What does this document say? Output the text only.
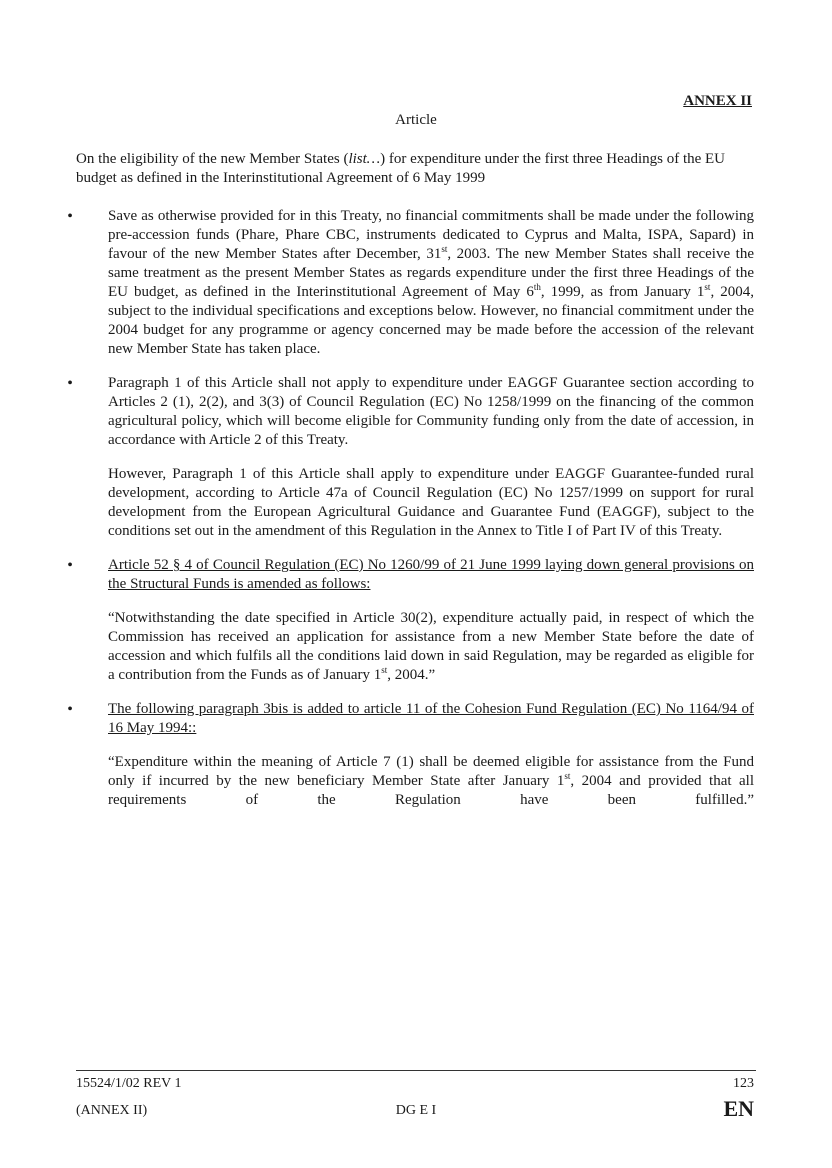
ANNEX II
Article
On the eligibility of the new Member States (list…) for expenditure under the first three Headings of the EU budget as defined in the Interinstitutional Agreement of 6 May 1999
•	Save as otherwise provided for in this Treaty, no financial commitments shall be made under the following pre-accession funds (Phare, Phare CBC, instruments dedicated to Cyprus and Malta, ISPA, Sapard) in favour of the new Member States after December, 31st, 2003. The new Member States shall receive the same treatment as the present Member States as regards expenditure under the first three Headings of the EU budget, as defined in the Interinstitutional Agreement of May 6th, 1999, as from January 1st, 2004, subject to the individual specifications and exceptions below. However, no financial commitment under the 2004 budget for any programme or agency concerned may be made before the accession of the relevant new Member State has taken place.

•	Paragraph 1 of this Article shall not apply to expenditure under EAGGF Guarantee section according to Articles 2 (1), 2(2), and 3(3) of Council Regulation (EC) No 1258/1999 on the financing of the common agricultural policy, which will become eligible for Community funding only from the date of accession, in accordance with Article 2 of this Treaty.

However, Paragraph 1 of this Article shall apply to expenditure under EAGGF Guarantee-funded rural development, according to Article 47a of Council Regulation (EC) No 1257/1999 on support for rural development from the European Agricultural Guidance and Guarantee Fund (EAGGF), subject to the conditions set out in the amendment of this Regulation in the Annex to Title I of Part IV of this Treaty.

•	Article 52 § 4 of Council Regulation (EC) No 1260/99 of 21 June 1999 laying down general provisions on the Structural Funds is amended as follows:

“Notwithstanding the date specified in Article 30(2), expenditure actually paid, in respect of which the Commission has received an application for assistance from a new Member State before the date of accession and which fulfils all the conditions laid down in said Regulation, may be regarded as eligible for a contribution from the Funds as of January 1st, 2004.”

•	The following paragraph 3bis is added to article 11 of the Cohesion Fund Regulation (EC) No 1164/94 of 16 May 1994::

“Expenditure within the meaning of Article 7 (1) shall be deemed eligible for assistance from the Fund only if incurred by the new beneficiary Member State after January 1st, 2004 and provided that all requirements of the Regulation have been fulfilled.”

15524/1/02 REV 1	123
(ANNEX II)	DG E I	EN
